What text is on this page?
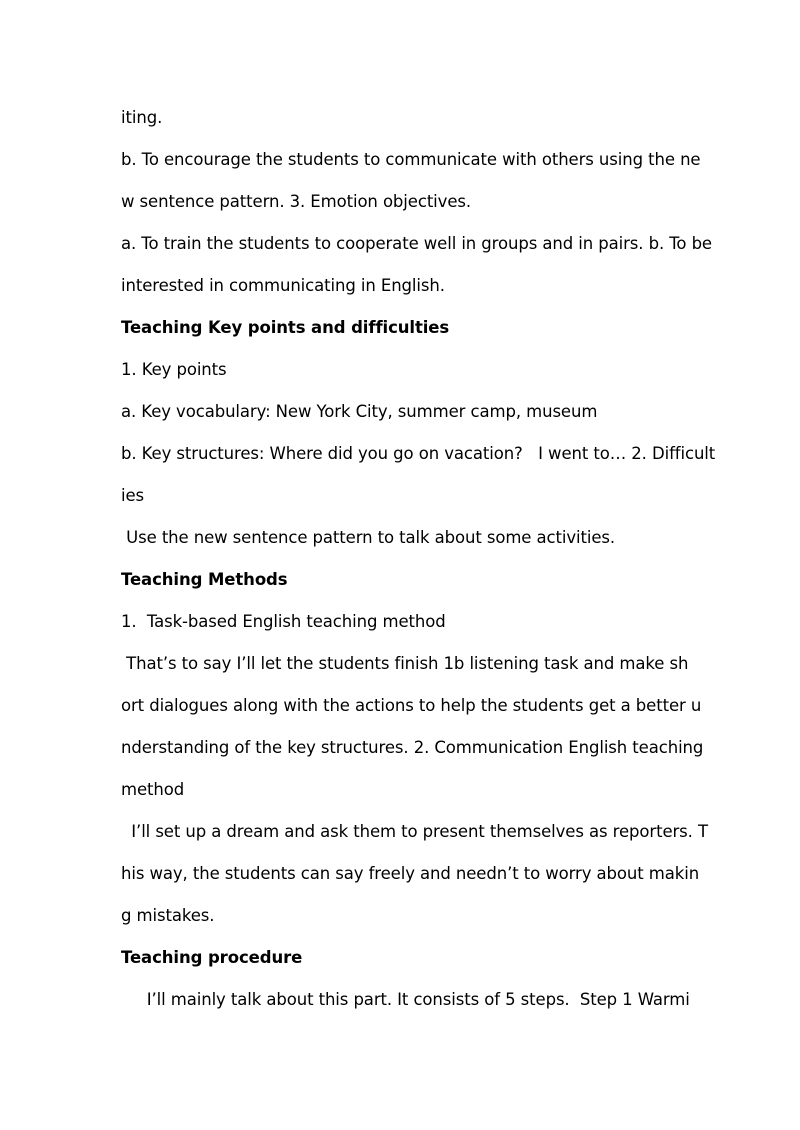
iting.
b. To encourage the students to communicate with others using the ne
w sentence pattern. 3. Emotion objectives.
a. To train the students to cooperate well in groups and in pairs. b. To be
interested in communicating in English.
Teaching Key points and difficulties
1. Key points
a. Key vocabulary: New York City, summer camp, museum
b. Key structures: Where did you go on vacation?   I went to… 2. Difficult
ies
Use the new sentence pattern to talk about some activities.
Teaching Methods
1.  Task-based English teaching method
That’s to say I’ll let the students finish 1b listening task and make sh
ort dialogues along with the actions to help the students get a better u
nderstanding of the key structures. 2. Communication English teaching
method
I’ll set up a dream and ask them to present themselves as reporters. T
his way, the students can say freely and needn’t to worry about makin
g mistakes.
Teaching procedure
I’ll mainly talk about this part. It consists of 5 steps.  Step 1 Warmi
